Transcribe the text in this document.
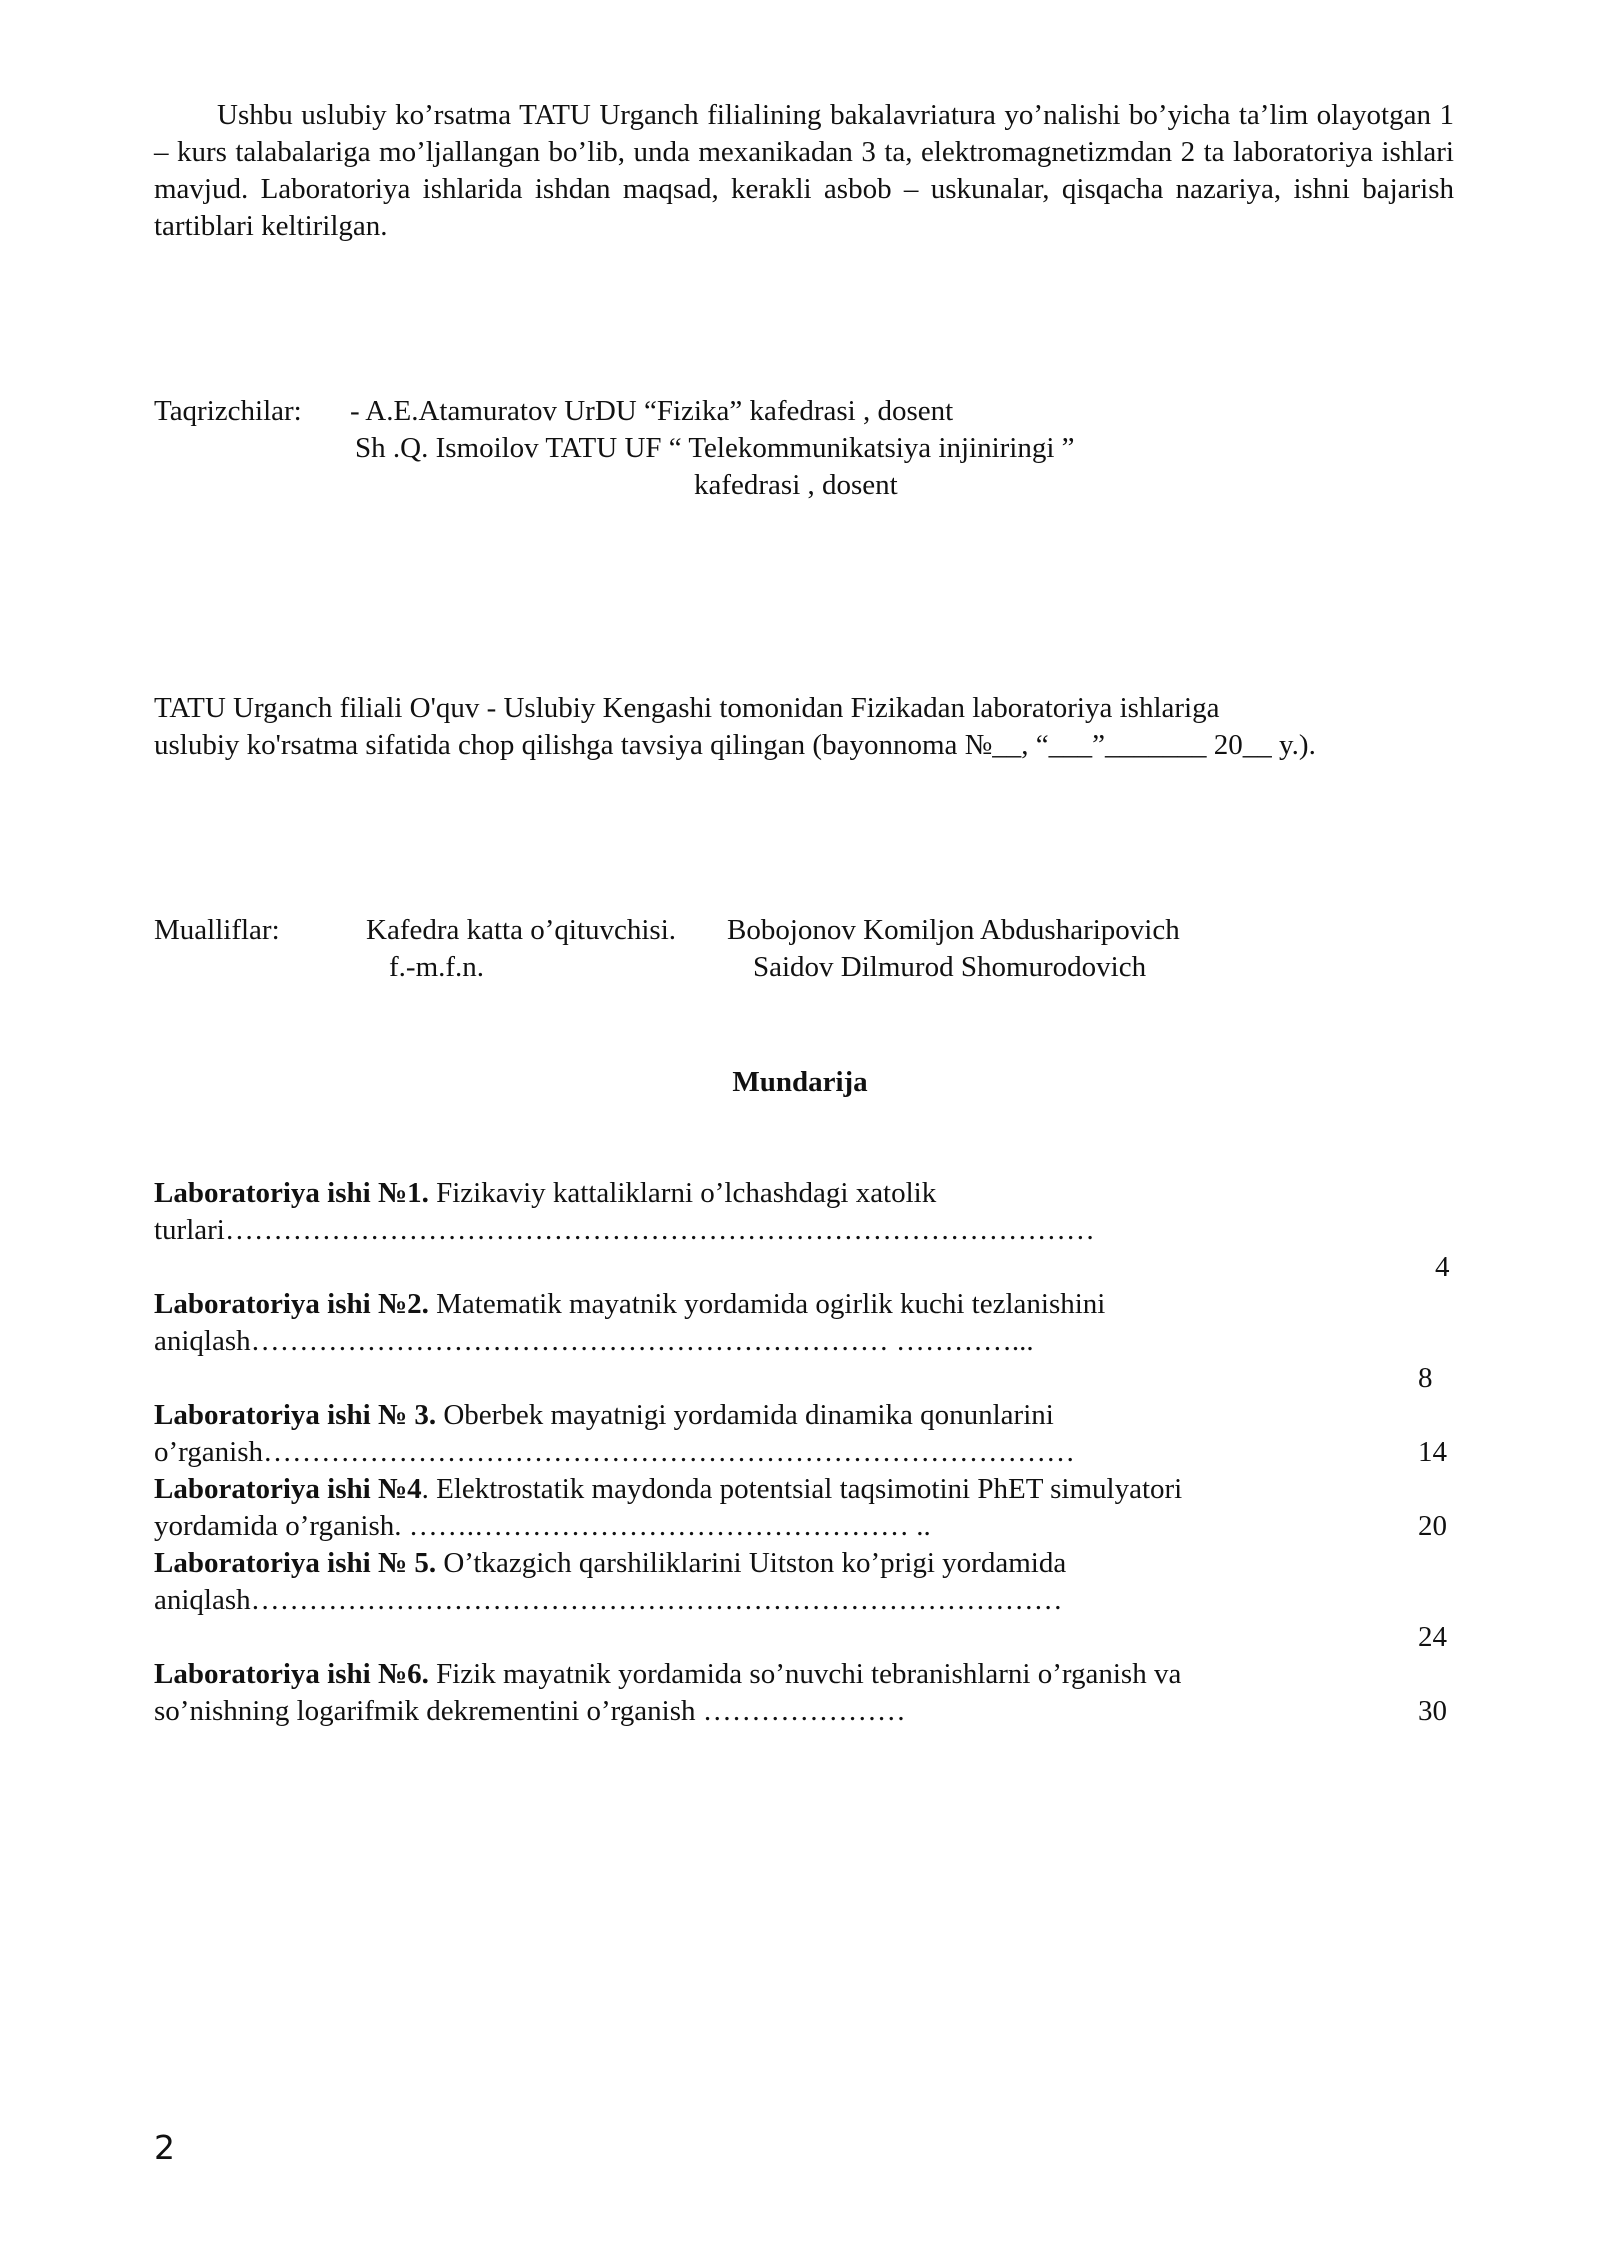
Ushbu uslubiy ko’rsatma TATU Urganch filialining bakalavriatura yo’nalishi bo’yicha ta’lim olayotgan 1 – kurs talabalariga mo’ljallangan bo’lib, unda mexanikadan 3 ta, elektromagnetizmdan 2 ta laboratoriya ishlari mavjud. Laboratoriya ishlarida ishdan maqsad, kerakli asbob – uskunalar, qisqacha nazariya, ishni bajarish tartiblari keltirilgan.

Taqrizchilar: - A.E.Atamuratov UrDU “Fizika” kafedrasi , dosent
Sh .Q. Ismoilov TATU UF “ Telekommunikatsiya injiniringi ”
kafedrasi , dosent
TATU Urganch filiali O'quv - Uslubiy Kengashi tomonidan Fizikadan laboratoriya ishlariga
uslubiy ko'rsatma sifatida chop qilishga tavsiya qilingan (bayonnoma №__, “___”_______ 20__ y.).
Mualliflar:	Kafedra katta o’qituvchisi. Bobojonov Komiljon Abdusharipovich
f.-m.f.n.	Saidov Dilmurod Shomurodovich
Mundarija
Laboratoriya ishi №1. Fizikaviy kattaliklarni o’lchashdagi xatolik
turlari………………………………………………………………………………
4
Laboratoriya ishi №2. Matematik mayatnik yordamida ogirlik kuchi tezlanishini
aniqlash………………………………………………………… …………...
8
Laboratoriya ishi № 3. Oberbek mayatnigi yordamida dinamika qonunlarini
o’rganish…………………………………………………………………………	14
Laboratoriya ishi №4. Elektrostatik maydonda potentsial taqsimotini PhET simulyatori
yordamida o’rganish. …….……………………………………… ..	20
Laboratoriya ishi № 5. O’tkazgich qarshiliklarini Uitston ko’prigi yordamida
aniqlash…………………………………………………………………………
24
Laboratoriya ishi №6. Fizik mayatnik yordamida so’nuvchi tebranishlarni o’rganish va
so’nishning logarifmik dekrementini o’rganish …………………	30
2
